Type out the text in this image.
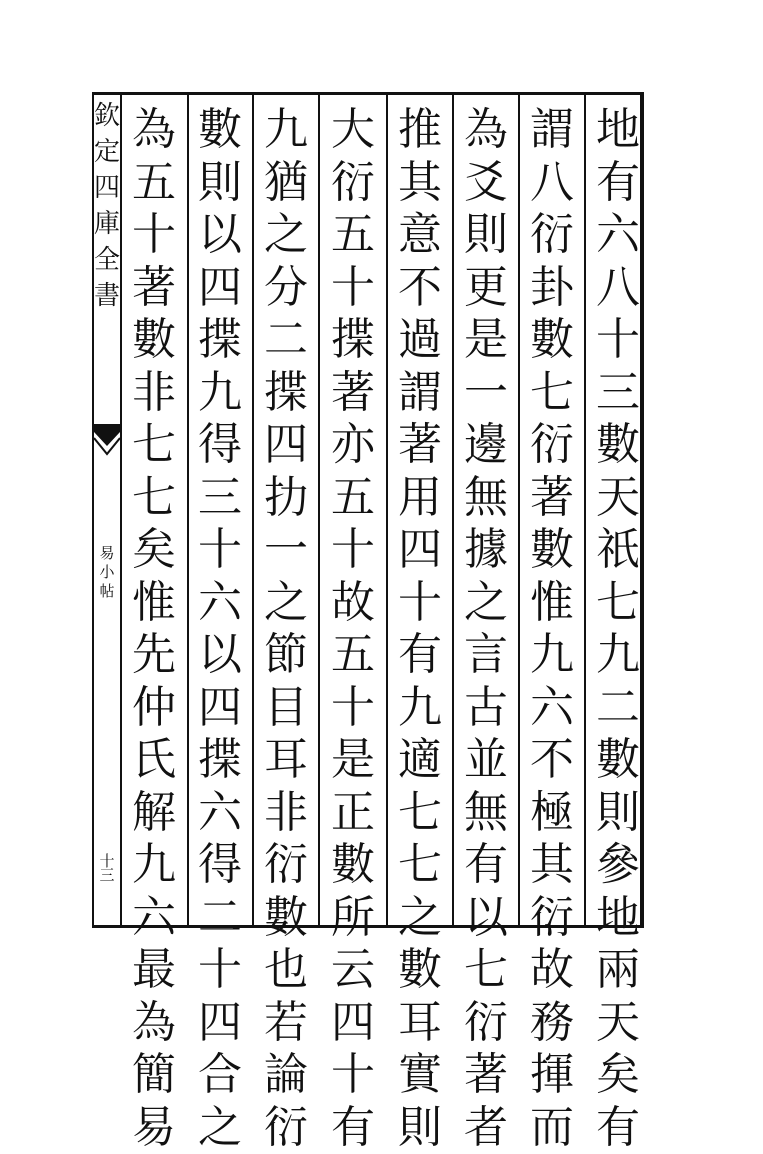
欽
定
四
庫
全
書
易
小
帖
十
三
地
有
六
八
十
三
數
天
祇
七
九
二
數
則
參
地
兩
天
矣
有
謂
八
衍
卦
數
七
衍
著
數
惟
九
六
不
極
其
衍
故
務
揮
而
為
爻
則
更
是
一
邊
無
據
之
言
古
並
無
有
以
七
衍
著
者
推
其
意
不
過
謂
著
用
四
十
有
九
適
七
七
之
數
耳
實
則
大
衍
五
十
揲
著
亦
五
十
故
五
十
是
正
數
所
云
四
十
有
九
猶
之
分
二
揲
四
扐
一
之
節
目
耳
非
衍
數
也
若
論
衍
數
則
以
四
揲
九
得
三
十
六
以
四
揲
六
得
二
十
四
合
之
為
五
十
著
數
非
七
七
矣
惟
先
仲
氏
解
九
六
最
為
簡
易
